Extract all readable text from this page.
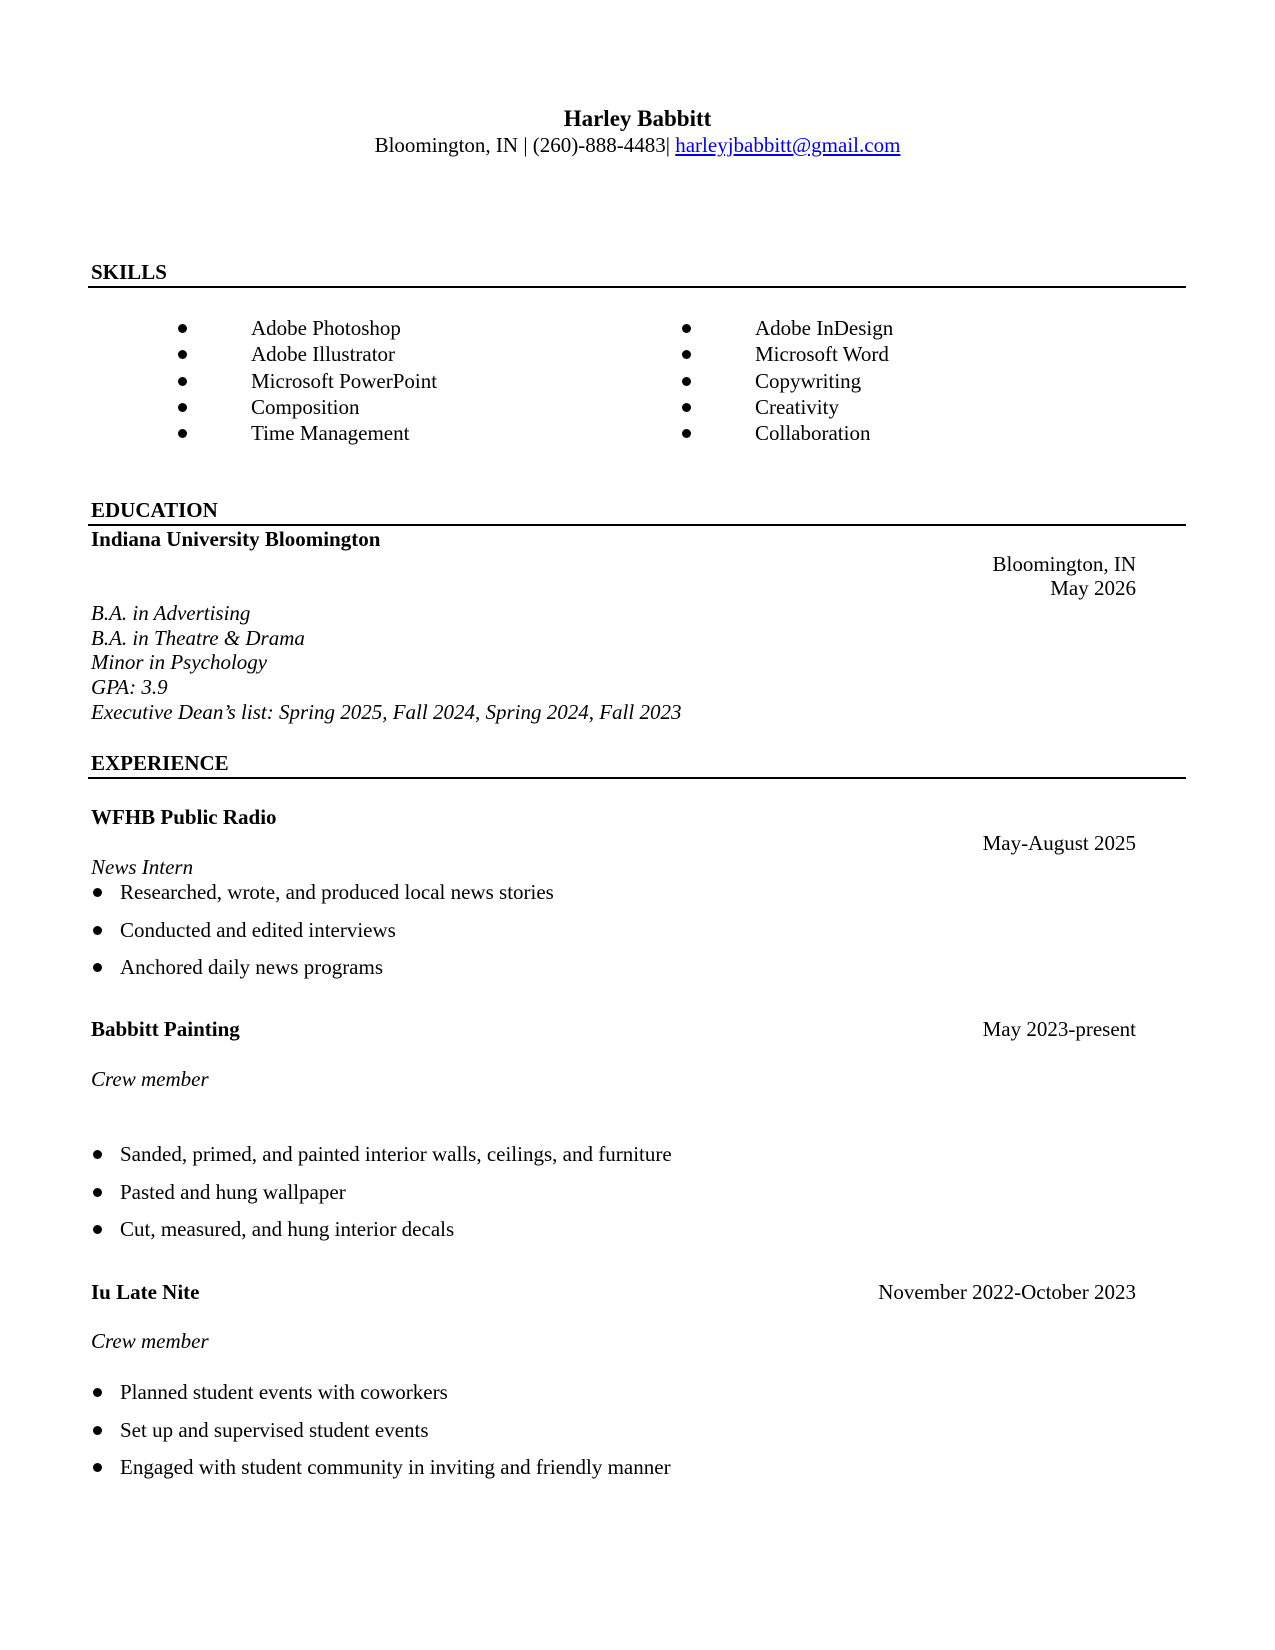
Harley Babbitt
Bloomington, IN | (260)-888-4483| harleyjbabbitt@gmail.com
SKILLS
Adobe Photoshop
Adobe Illustrator
Microsoft PowerPoint
Composition
Time Management
Adobe InDesign
Microsoft Word
Copywriting
Creativity
Collaboration
EDUCATION
Indiana University Bloomington
Bloomington, IN
May 2026
B.A. in Advertising
B.A. in Theatre & Drama
Minor in Psychology
GPA: 3.9
Executive Dean’s list: Spring 2025, Fall 2024, Spring 2024, Fall 2023
EXPERIENCE
WFHB Public Radio
May-August 2025
News Intern
Researched, wrote, and produced local news stories
Conducted and edited interviews
Anchored daily news programs
Babbitt Painting	May 2023-present
Crew member
Sanded, primed, and painted interior walls, ceilings, and furniture
Pasted and hung wallpaper
Cut, measured, and hung interior decals
Iu Late Nite	November 2022-October 2023
Crew member
Planned student events with coworkers
Set up and supervised student events
Engaged with student community in inviting and friendly manner
